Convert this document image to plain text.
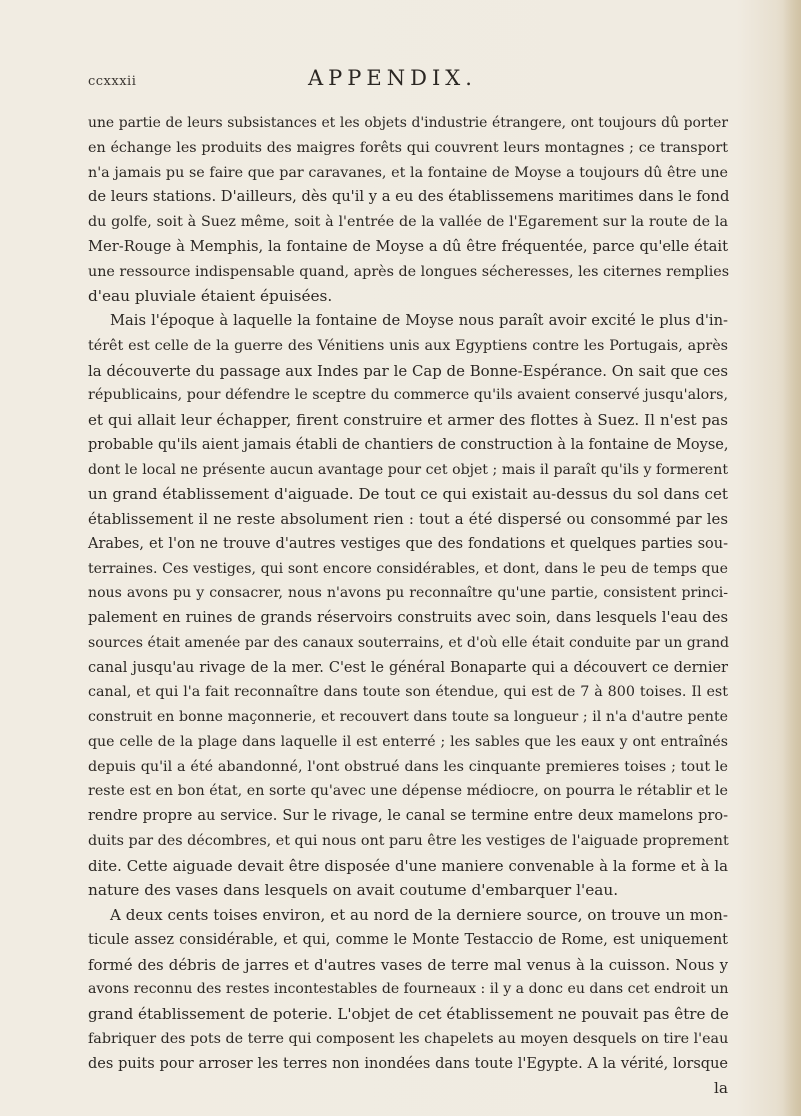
ccxxxii	APPENDIX.
une partie de leurs subsistances et les objets d'industrie étrangere, ont toujours dû porter
en échange les produits des maigres forêts qui couvrent leurs montagnes ; ce transport
n'a jamais pu se faire que par caravanes, et la fontaine de Moyse a toujours dû être une
de leurs stations. D'ailleurs, dès qu'il y a eu des établissemens maritimes dans le fond
du golfe, soit à Suez même, soit à l'entrée de la vallée de l'Egarement sur la route de la
Mer-Rouge à Memphis, la fontaine de Moyse a dû être fréquentée, parce qu'elle était
une ressource indispensable quand, après de longues sécheresses, les citernes remplies
d'eau pluviale étaient épuisées.
Mais l'époque à laquelle la fontaine de Moyse nous paraît avoir excité le plus d'in-
térêt est celle de la guerre des Vénitiens unis aux Egyptiens contre les Portugais, après
la découverte du passage aux Indes par le Cap de Bonne-Espérance. On sait que ces
républicains, pour défendre le sceptre du commerce qu'ils avaient conservé jusqu'alors,
et qui allait leur échapper, firent construire et armer des flottes à Suez. Il n'est pas
probable qu'ils aient jamais établi de chantiers de construction à la fontaine de Moyse,
dont le local ne présente aucun avantage pour cet objet ; mais il paraît qu'ils y formerent
un grand établissement d'aiguade. De tout ce qui existait au-dessus du sol dans cet
établissement il ne reste absolument rien : tout a été dispersé ou consommé par les
Arabes, et l'on ne trouve d'autres vestiges que des fondations et quelques parties sou-
terraines. Ces vestiges, qui sont encore considérables, et dont, dans le peu de temps que
nous avons pu y consacrer, nous n'avons pu reconnaître qu'une partie, consistent princi-
palement en ruines de grands réservoirs construits avec soin, dans lesquels l'eau des
sources était amenée par des canaux souterrains, et d'où elle était conduite par un grand
canal jusqu'au rivage de la mer. C'est le général Bonaparte qui a découvert ce dernier
canal, et qui l'a fait reconnaître dans toute son étendue, qui est de 7 à 800 toises. Il est
construit en bonne maçonnerie, et recouvert dans toute sa longueur ; il n'a d'autre pente
que celle de la plage dans laquelle il est enterré ; les sables que les eaux y ont entraînés
depuis qu'il a été abandonné, l'ont obstrué dans les cinquante premieres toises ; tout le
reste est en bon état, en sorte qu'avec une dépense médiocre, on pourra le rétablir et le
rendre propre au service. Sur le rivage, le canal se termine entre deux mamelons pro-
duits par des décombres, et qui nous ont paru être les vestiges de l'aiguade proprement
dite. Cette aiguade devait être disposée d'une maniere convenable à la forme et à la
nature des vases dans lesquels on avait coutume d'embarquer l'eau.
A deux cents toises environ, et au nord de la derniere source, on trouve un mon-
ticule assez considérable, et qui, comme le Monte Testaccio de Rome, est uniquement
formé des débris de jarres et d'autres vases de terre mal venus à la cuisson. Nous y
avons reconnu des restes incontestables de fourneaux : il y a donc eu dans cet endroit un
grand établissement de poterie. L'objet de cet établissement ne pouvait pas être de
fabriquer des pots de terre qui composent les chapelets au moyen desquels on tire l'eau
des puits pour arroser les terres non inondées dans toute l'Egypte. A la vérité, lorsque
la
